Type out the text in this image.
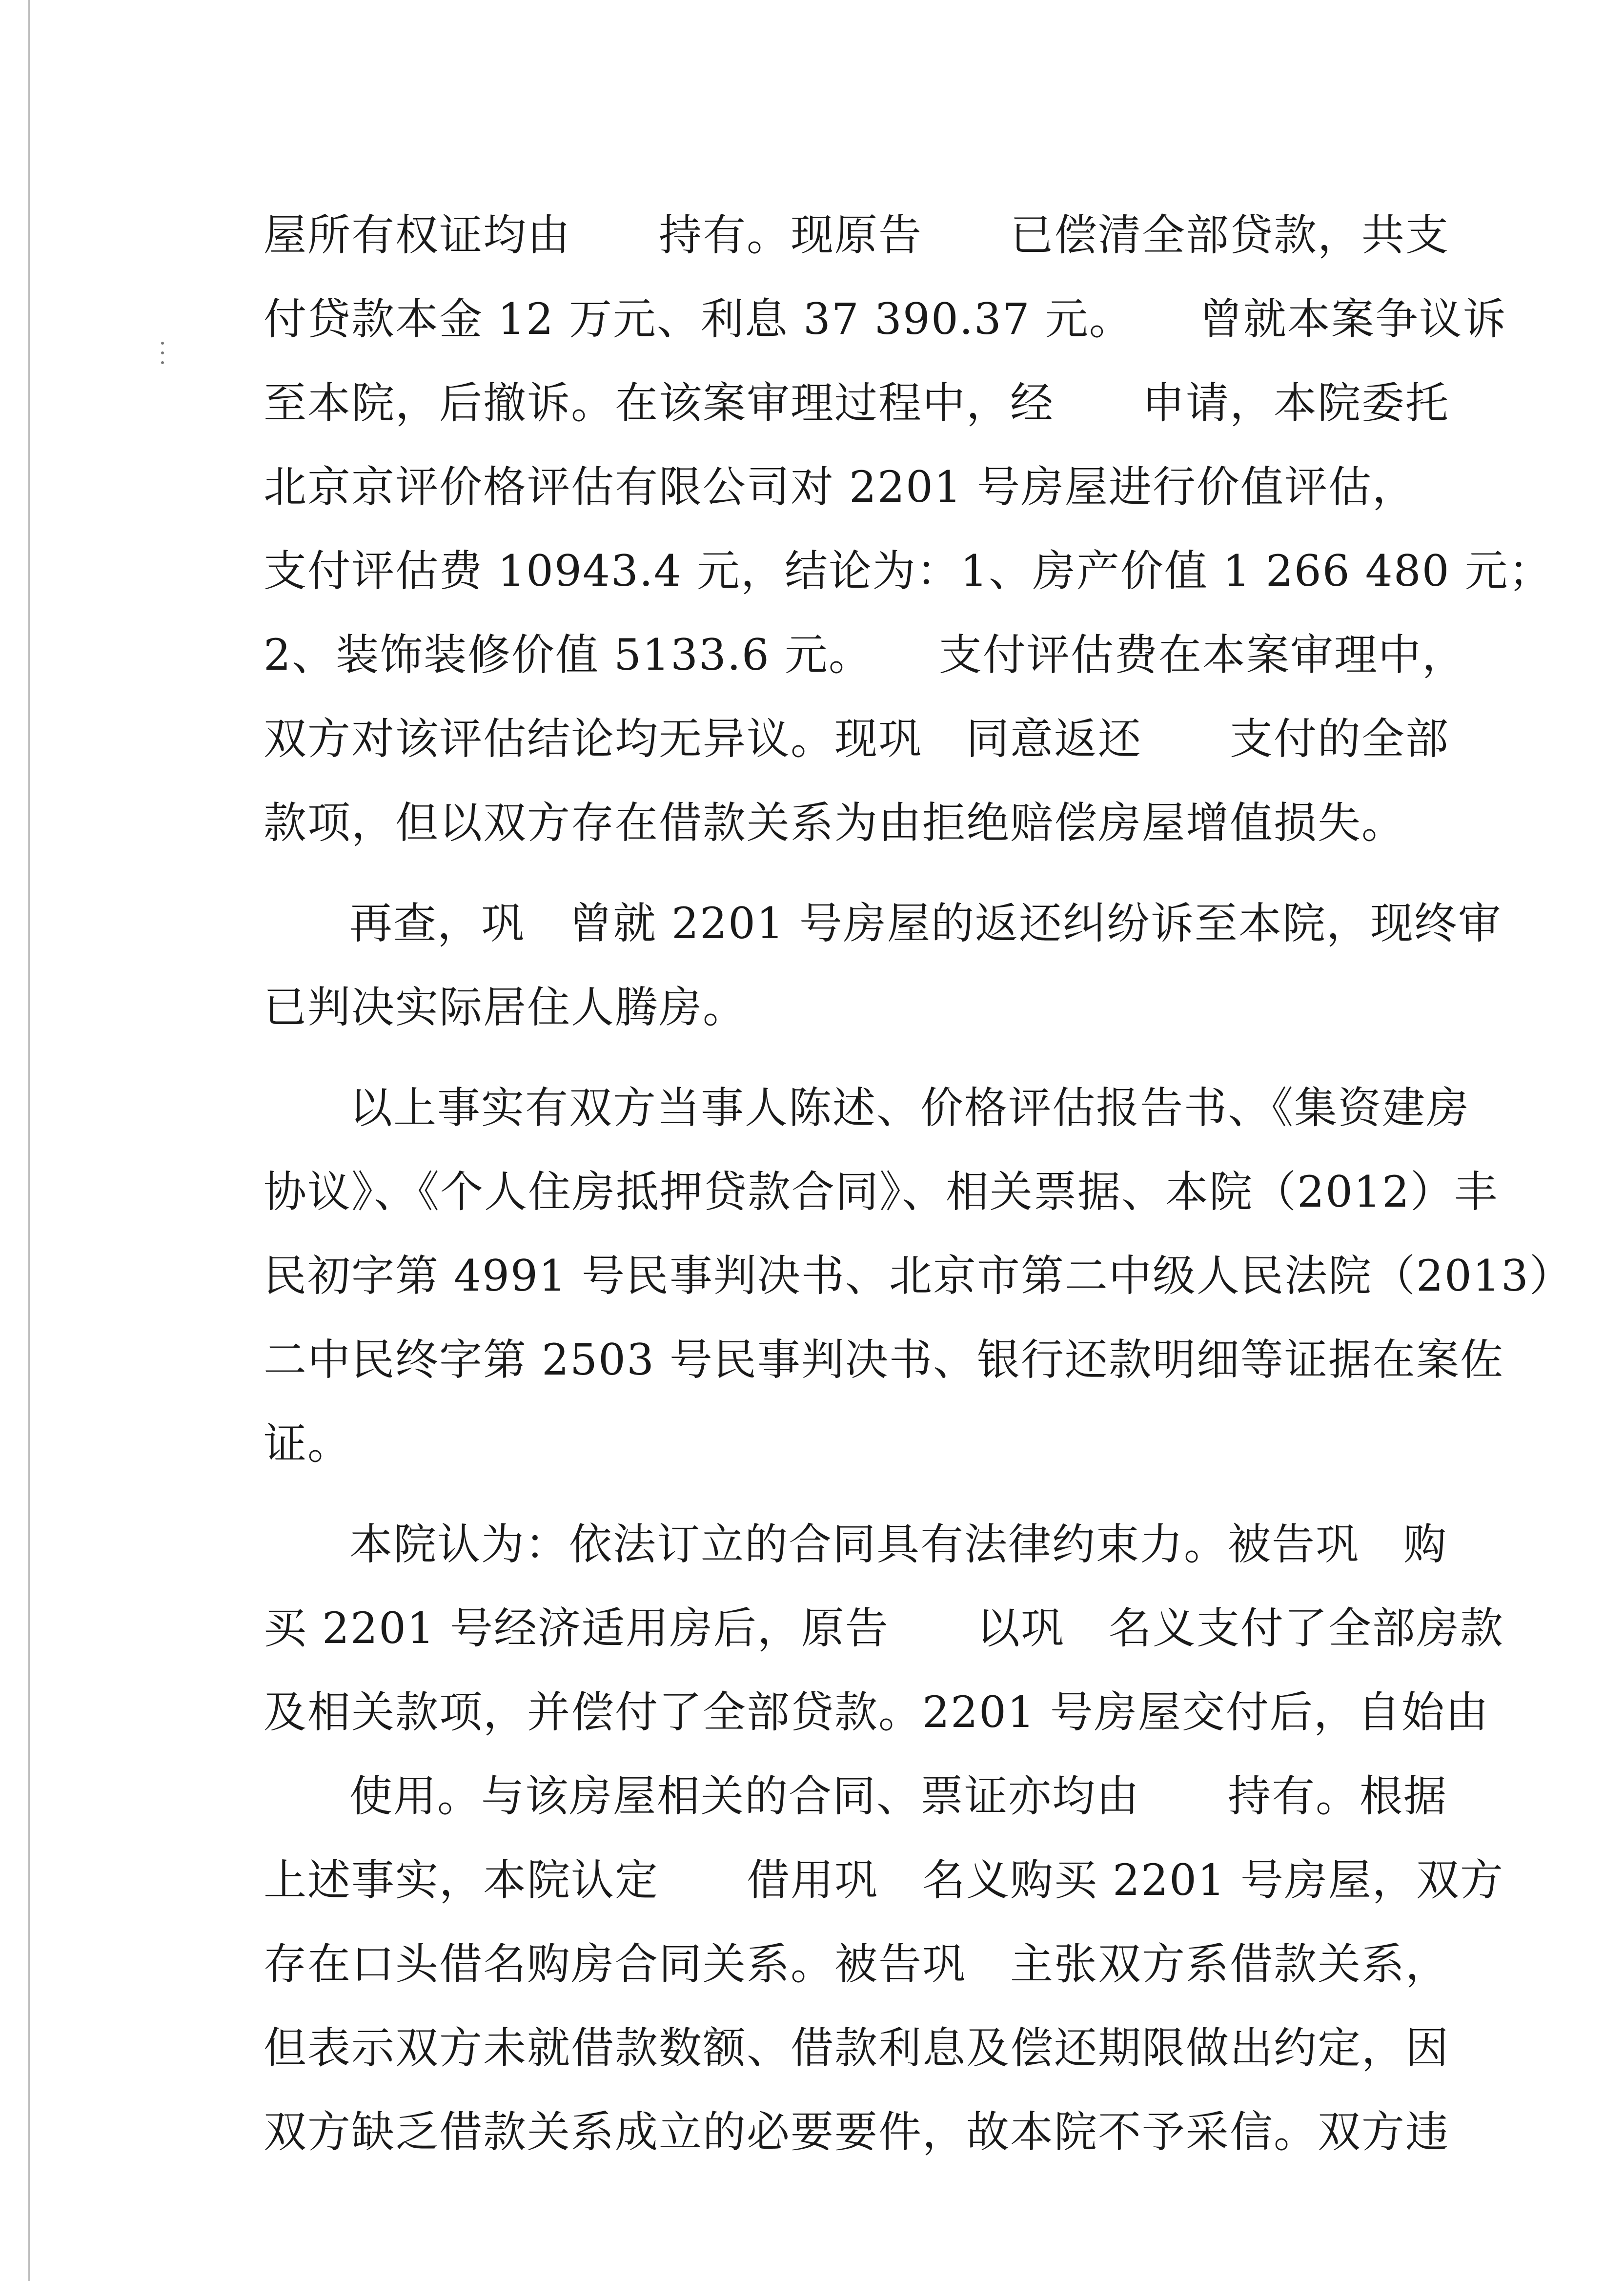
屋所有权证均由　　持有。现原告　　已偿清全部贷款，共支
付贷款本金 12 万元、利息 37 390.37 元。　　曾就本案争议诉
至本院，后撤诉。在该案审理过程中，经　　申请，本院委托
北京京评价格评估有限公司对 2201 号房屋进行价值评估，
支付评估费 10943.4 元，结论为：1、房产价值 1 266 480 元；
2、装饰装修价值 5133.6 元。　　支付评估费在本案审理中，
双方对该评估结论均无异议。现巩　同意返还　　支付的全部
款项，但以双方存在借款关系为由拒绝赔偿房屋增值损失。
再查，巩　曾就 2201 号房屋的返还纠纷诉至本院，现终审
已判决实际居住人腾房。
以上事实有双方当事人陈述、价格评估报告书、《集资建房
协议》、《个人住房抵押贷款合同》、相关票据、本院（2012）丰
民初字第 4991 号民事判决书、北京市第二中级人民法院（2013）
二中民终字第 2503 号民事判决书、银行还款明细等证据在案佐
证。
本院认为：依法订立的合同具有法律约束力。被告巩　购
买 2201 号经济适用房后，原告　　以巩　名义支付了全部房款
及相关款项，并偿付了全部贷款。2201 号房屋交付后，自始由
使用。与该房屋相关的合同、票证亦均由　　持有。根据
上述事实，本院认定　　借用巩　名义购买 2201 号房屋，双方
存在口头借名购房合同关系。被告巩　主张双方系借款关系，
但表示双方未就借款数额、借款利息及偿还期限做出约定，因
双方缺乏借款关系成立的必要要件，故本院不予采信。双方违
